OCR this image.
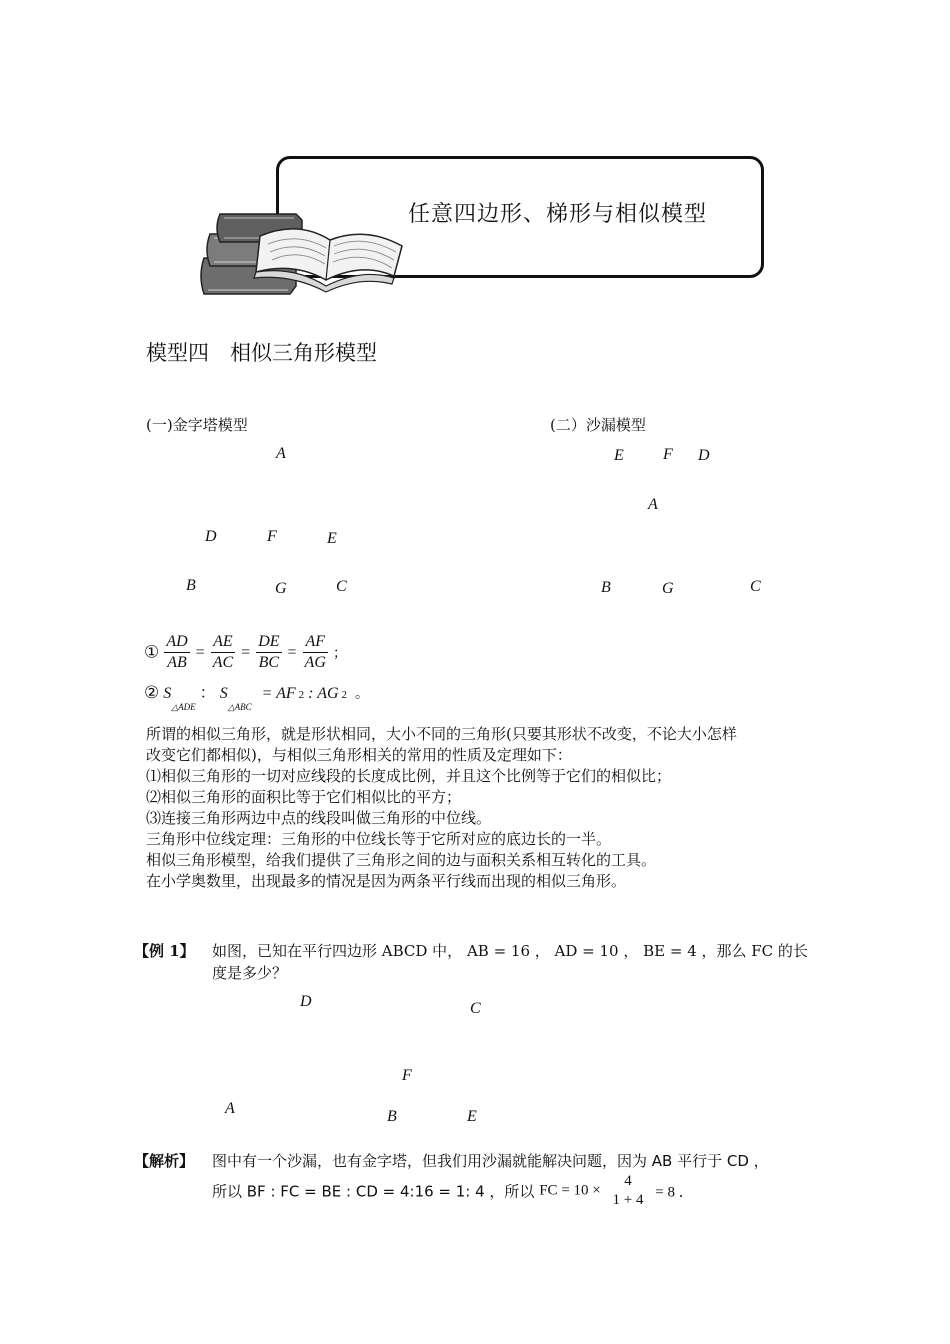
任意四边形、梯形与相似模型
模型四　相似三角形模型
(一)金字塔模型
A
D	F	E
B	G	C
(二）沙漏模型
E F D
A
B	G	C
① $\frac{AD}{AB} = \frac{AE}{AC} = \frac{DE}{BC} = \frac{AF}{AG}$ ；
② $S_{\triangle ADE}$ ： $S_{\triangle ABC}$ = AF 2 : AG 2 。
所谓的相似三角形，就是形状相同，大小不同的三角形(只要其形状不改变，不论大小怎样
改变它们都相似)，与相似三角形相关的常用的性质及定理如下：
⑴相似三角形的一切对应线段的长度成比例，并且这个比例等于它们的相似比；
⑵相似三角形的面积比等于它们相似比的平方；
⑶连接三角形两边中点的线段叫做三角形的中位线。
三角形中位线定理：三角形的中位线长等于它所对应的底边长的一半。
相似三角形模型，给我们提供了三角形之间的边与面积关系相互转化的工具。
在小学奥数里，出现最多的情况是因为两条平行线而出现的相似三角形。
【例 1】 如图，已知在平行四边形 ABCD 中， AB = 16 ， AD = 10 ， BE = 4 ，那么 FC 的长
度是多少？
D	C
F
A	B	E
【解析】 图中有一个沙漏，也有金字塔，但我们用沙漏就能解决问题，因为 AB 平行于 CD ，
所以 BF : FC = BE : CD = 4:16 = 1: 4 ，所以 FC = 10 ×
4
1 + 4 = 8 ．
